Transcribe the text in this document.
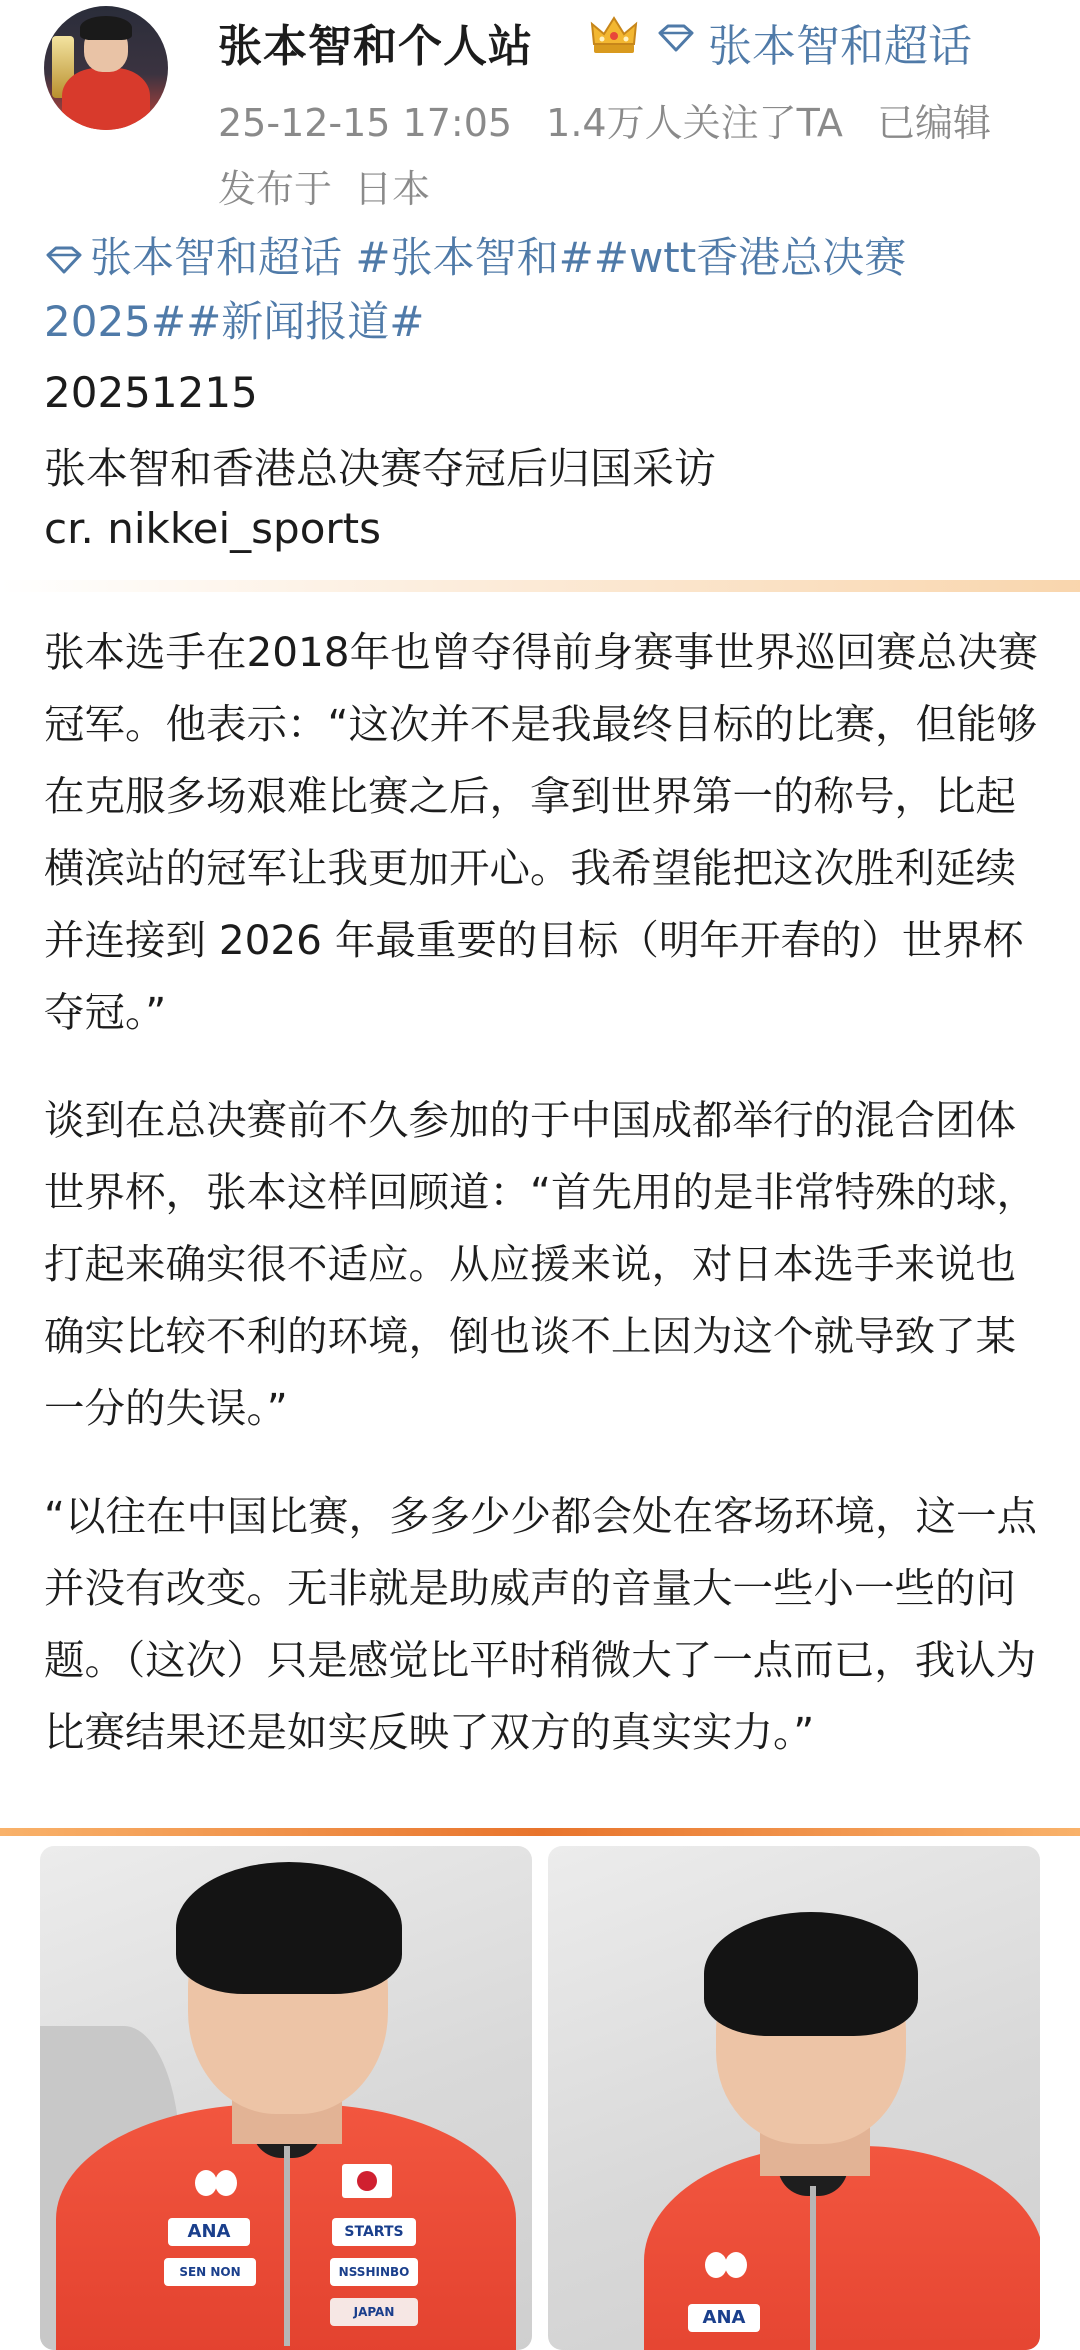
张本智和个人站	张本智和超话
25-12-15 17:05 1.4万人关注了TA 已编辑
发布于 日本
张本智和超话 #张本智和##wtt香港总决赛
2025##新闻报道#
20251215
张本智和香港总决赛夺冠后归国采访
cr. nikkei_sports

张本选手在2018年也曾夺得前身赛事世界巡回赛总决赛冠军。他表示：“这次并不是我最终目标的比赛，但能够在克服多场艰难比赛之后，拿到世界第一的称号，比起横滨站的冠军让我更加开心。我希望能把这次胜利延续并连接到 2026 年最重要的目标（明年开春的）世界杯夺冠。”

谈到在总决赛前不久参加的于中国成都举行的混合团体世界杯，张本这样回顾道：“首先用的是非常特殊的球，打起来确实很不适应。从应援来说，对日本选手来说也确实比较不利的环境，倒也谈不上因为这个就导致了某一分的失误。”

“以往在中国比赛，多多少少都会处在客场环境，这一点并没有改变。无非就是助威声的音量大一些小一些的问题。（这次）只是感觉比平时稍微大了一点而已，我认为比赛结果还是如实反映了双方的真实实力。”

ANA
SEN NON
STARTS
NSSHINBO
JAPAN	ANA
